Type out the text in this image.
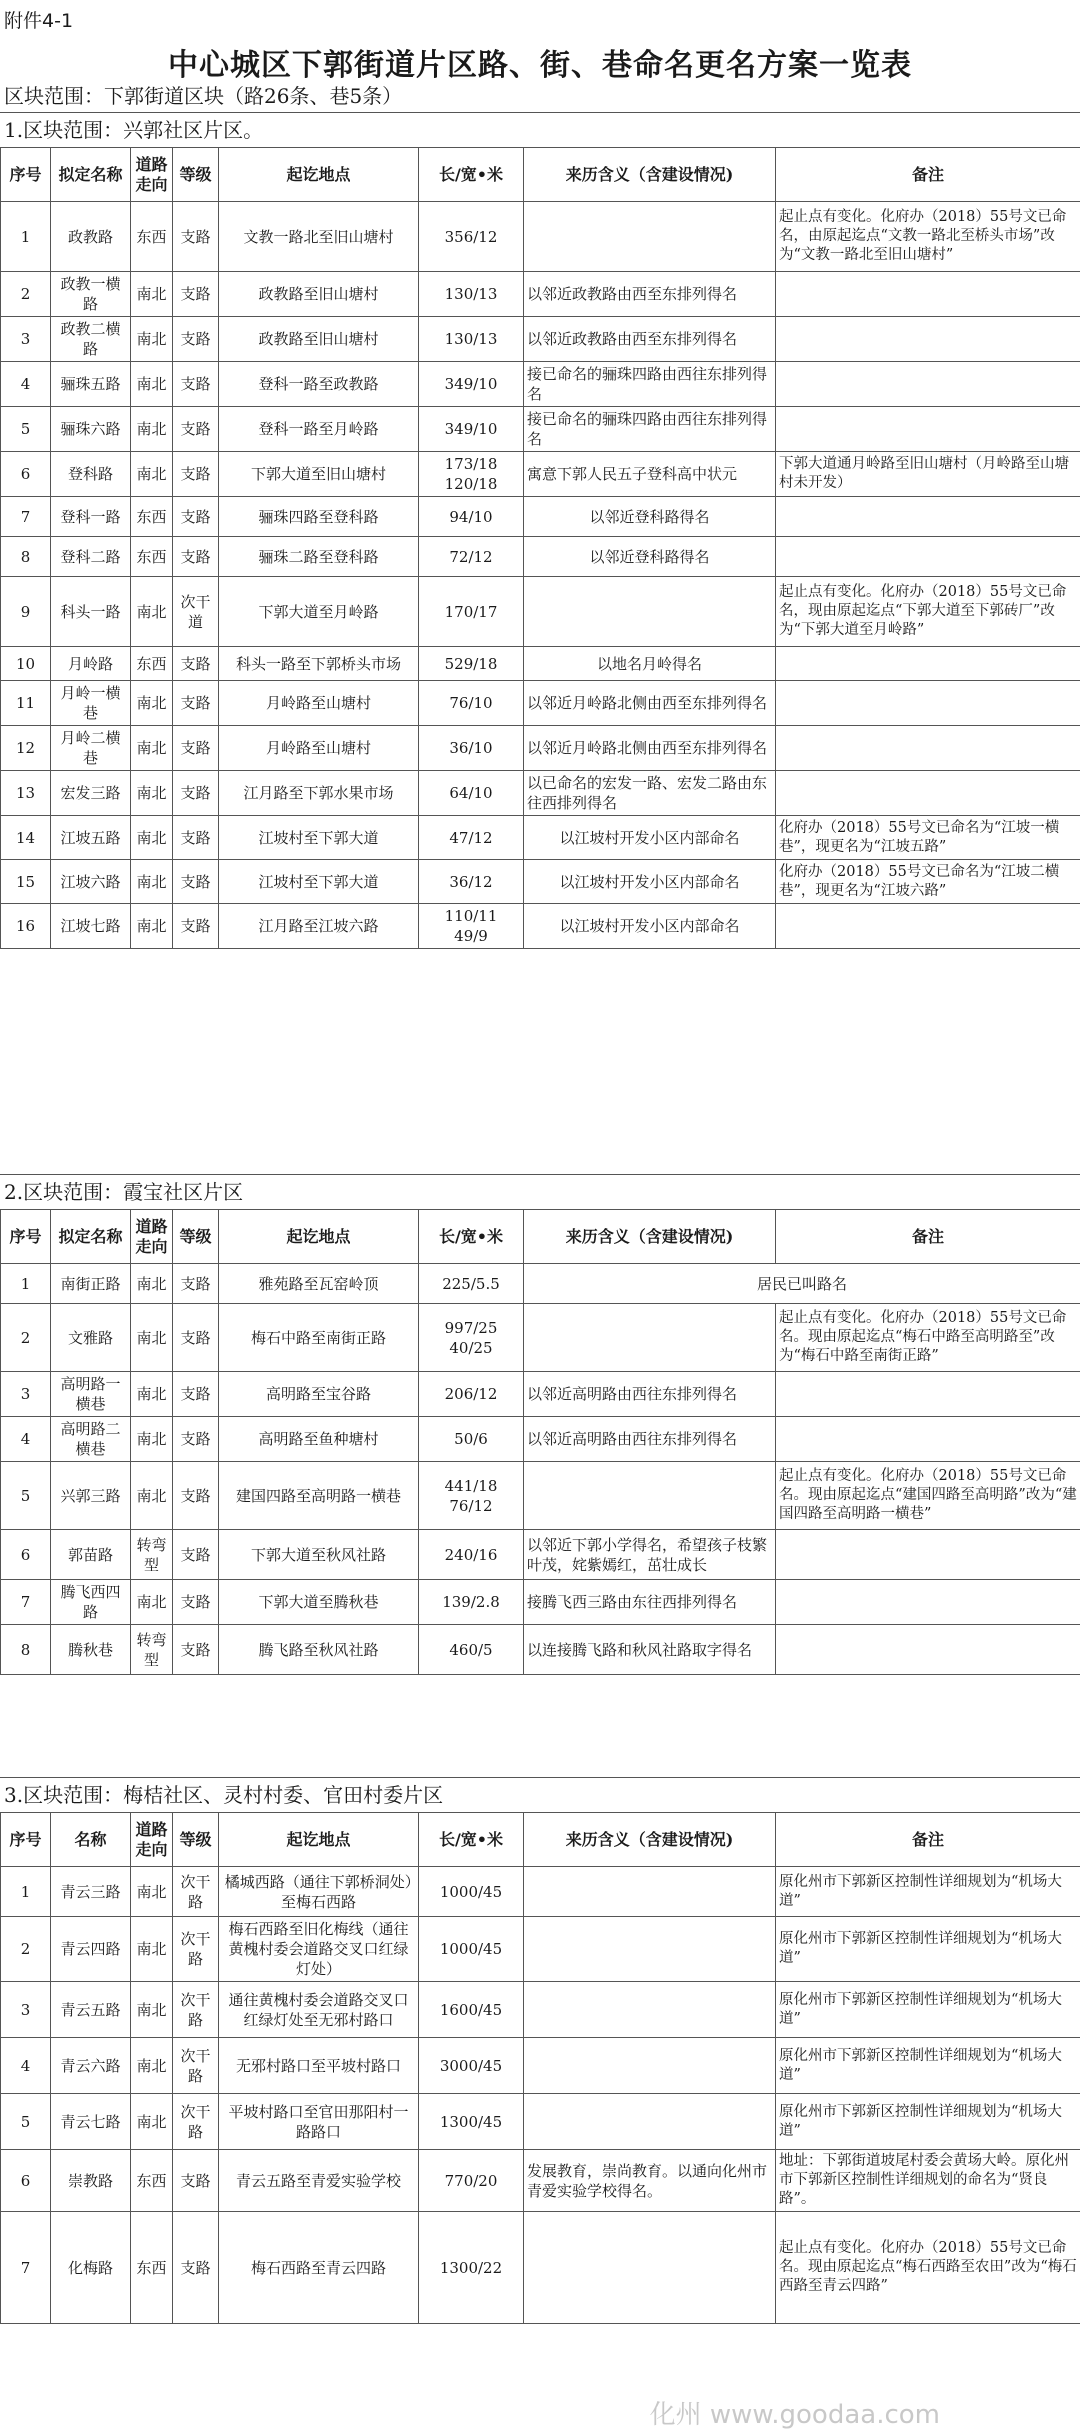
附件4-1
中心城区下郭街道片区路、街、巷命名更名方案一览表
区块范围：下郭街道区块（路26条、巷5条）
1.区块范围：兴郭社区片区。
序号	拟定名称	道路走向	等级	起讫地点	长/宽•米	来历含义（含建设情况)	备注
1	政教路	东西	支路	文教一路北至旧山塘村	356/12		起止点有变化。化府办（2018）55号文已命名，由原起迄点“文教一路北至桥头市场”改为“文教一路北至旧山塘村”
2	政教一横路	南北	支路	政教路至旧山塘村	130/13	以邻近政教路由西至东排列得名	
3	政教二横路	南北	支路	政教路至旧山塘村	130/13	以邻近政教路由西至东排列得名	
4	骊珠五路	南北	支路	登科一路至政教路	349/10	接已命名的骊珠四路由西往东排列得名	
5	骊珠六路	南北	支路	登科一路至月岭路	349/10	接已命名的骊珠四路由西往东排列得名	
6	登科路	南北	支路	下郭大道至旧山塘村	173/18
120/18	寓意下郭人民五子登科高中状元	下郭大道通月岭路至旧山塘村（月岭路至山塘村未开发）
7	登科一路	东西	支路	骊珠四路至登科路	94/10	以邻近登科路得名	
8	登科二路	东西	支路	骊珠二路至登科路	72/12	以邻近登科路得名	
9	科头一路	南北	次干道	下郭大道至月岭路	170/17		起止点有变化。化府办（2018）55号文已命名，现由原起迄点“下郭大道至下郭砖厂”改为“下郭大道至月岭路”
10	月岭路	东西	支路	科头一路至下郭桥头市场	529/18	以地名月岭得名	
11	月岭一横巷	南北	支路	月岭路至山塘村	76/10	以邻近月岭路北侧由西至东排列得名	
12	月岭二横巷	南北	支路	月岭路至山塘村	36/10	以邻近月岭路北侧由西至东排列得名	
13	宏发三路	南北	支路	江月路至下郭水果市场	64/10	以已命名的宏发一路、宏发二路由东往西排列得名	
14	江坡五路	南北	支路	江坡村至下郭大道	47/12	以江坡村开发小区内部命名	化府办（2018）55号文已命名为“江坡一横巷”，现更名为“江坡五路”
15	江坡六路	南北	支路	江坡村至下郭大道	36/12	以江坡村开发小区内部命名	化府办（2018）55号文已命名为“江坡二横巷”，现更名为“江坡六路”
16	江坡七路	南北	支路	江月路至江坡六路	110/11
49/9	以江坡村开发小区内部命名	
2.区块范围：霞宝社区片区
序号	拟定名称	道路走向	等级	起讫地点	长/宽•米	来历含义（含建设情况)	备注
1	南街正路	南北	支路	雅苑路至瓦窑岭顶	225/5.5	居民已叫路名	
2	文雅路	南北	支路	梅石中路至南街正路	997/25
40/25		起止点有变化。化府办（2018）55号文已命名。现由原起迄点“梅石中路至高明路至”改为“梅石中路至南街正路”
3	高明路一横巷	南北	支路	高明路至宝谷路	206/12	以邻近高明路由西往东排列得名	
4	高明路二横巷	南北	支路	高明路至鱼种塘村	50/6	以邻近高明路由西往东排列得名	
5	兴郭三路	南北	支路	建国四路至高明路一横巷	441/18
76/12		起止点有变化。化府办（2018）55号文已命名。现由原起迄点“建国四路至高明路”改为“建国四路至高明路一横巷”
6	郭苗路	转弯型	支路	下郭大道至秋风社路	240/16	以邻近下郭小学得名，希望孩子枝繁叶茂，姹紫嫣红，茁壮成长	
7	腾飞西四路	南北	支路	下郭大道至腾秋巷	139/2.8	接腾飞西三路由东往西排列得名	
8	腾秋巷	转弯型	支路	腾飞路至秋风社路	460/5	以连接腾飞路和秋风社路取字得名	
3.区块范围：梅桔社区、灵村村委、官田村委片区
序号	名称	道路走向	等级	起讫地点	长/宽•米	来历含义（含建设情况)	备注
1	青云三路	南北	次干路	橘城西路（通往下郭桥洞处）至梅石西路	1000/45		原化州市下郭新区控制性详细规划为“机场大道”
2	青云四路	南北	次干路	梅石西路至旧化梅线（通往黄槐村委会道路交叉口红绿灯处）	1000/45		原化州市下郭新区控制性详细规划为“机场大道”
3	青云五路	南北	次干路	通往黄槐村委会道路交叉口红绿灯处至无邪村路口	1600/45		原化州市下郭新区控制性详细规划为“机场大道”
4	青云六路	南北	次干路	无邪村路口至平坡村路口	3000/45		原化州市下郭新区控制性详细规划为“机场大道”
5	青云七路	南北	次干路	平坡村路口至官田那阳村一路路口	1300/45		原化州市下郭新区控制性详细规划为“机场大道”
6	崇教路	东西	支路	青云五路至青爱实验学校	770/20	发展教育，崇尚教育。以通向化州市青爱实验学校得名。	地址：下郭街道坡尾村委会黄场大岭。原化州市下郭新区控制性详细规划的命名为“贤良路”。
7	化梅路	东西	支路	梅石西路至青云四路	1300/22		起止点有变化。化府办（2018）55号文已命名。现由原起迄点“梅石西路至农田”改为“梅石西路至青云四路”
化州 www.goodaa.com
